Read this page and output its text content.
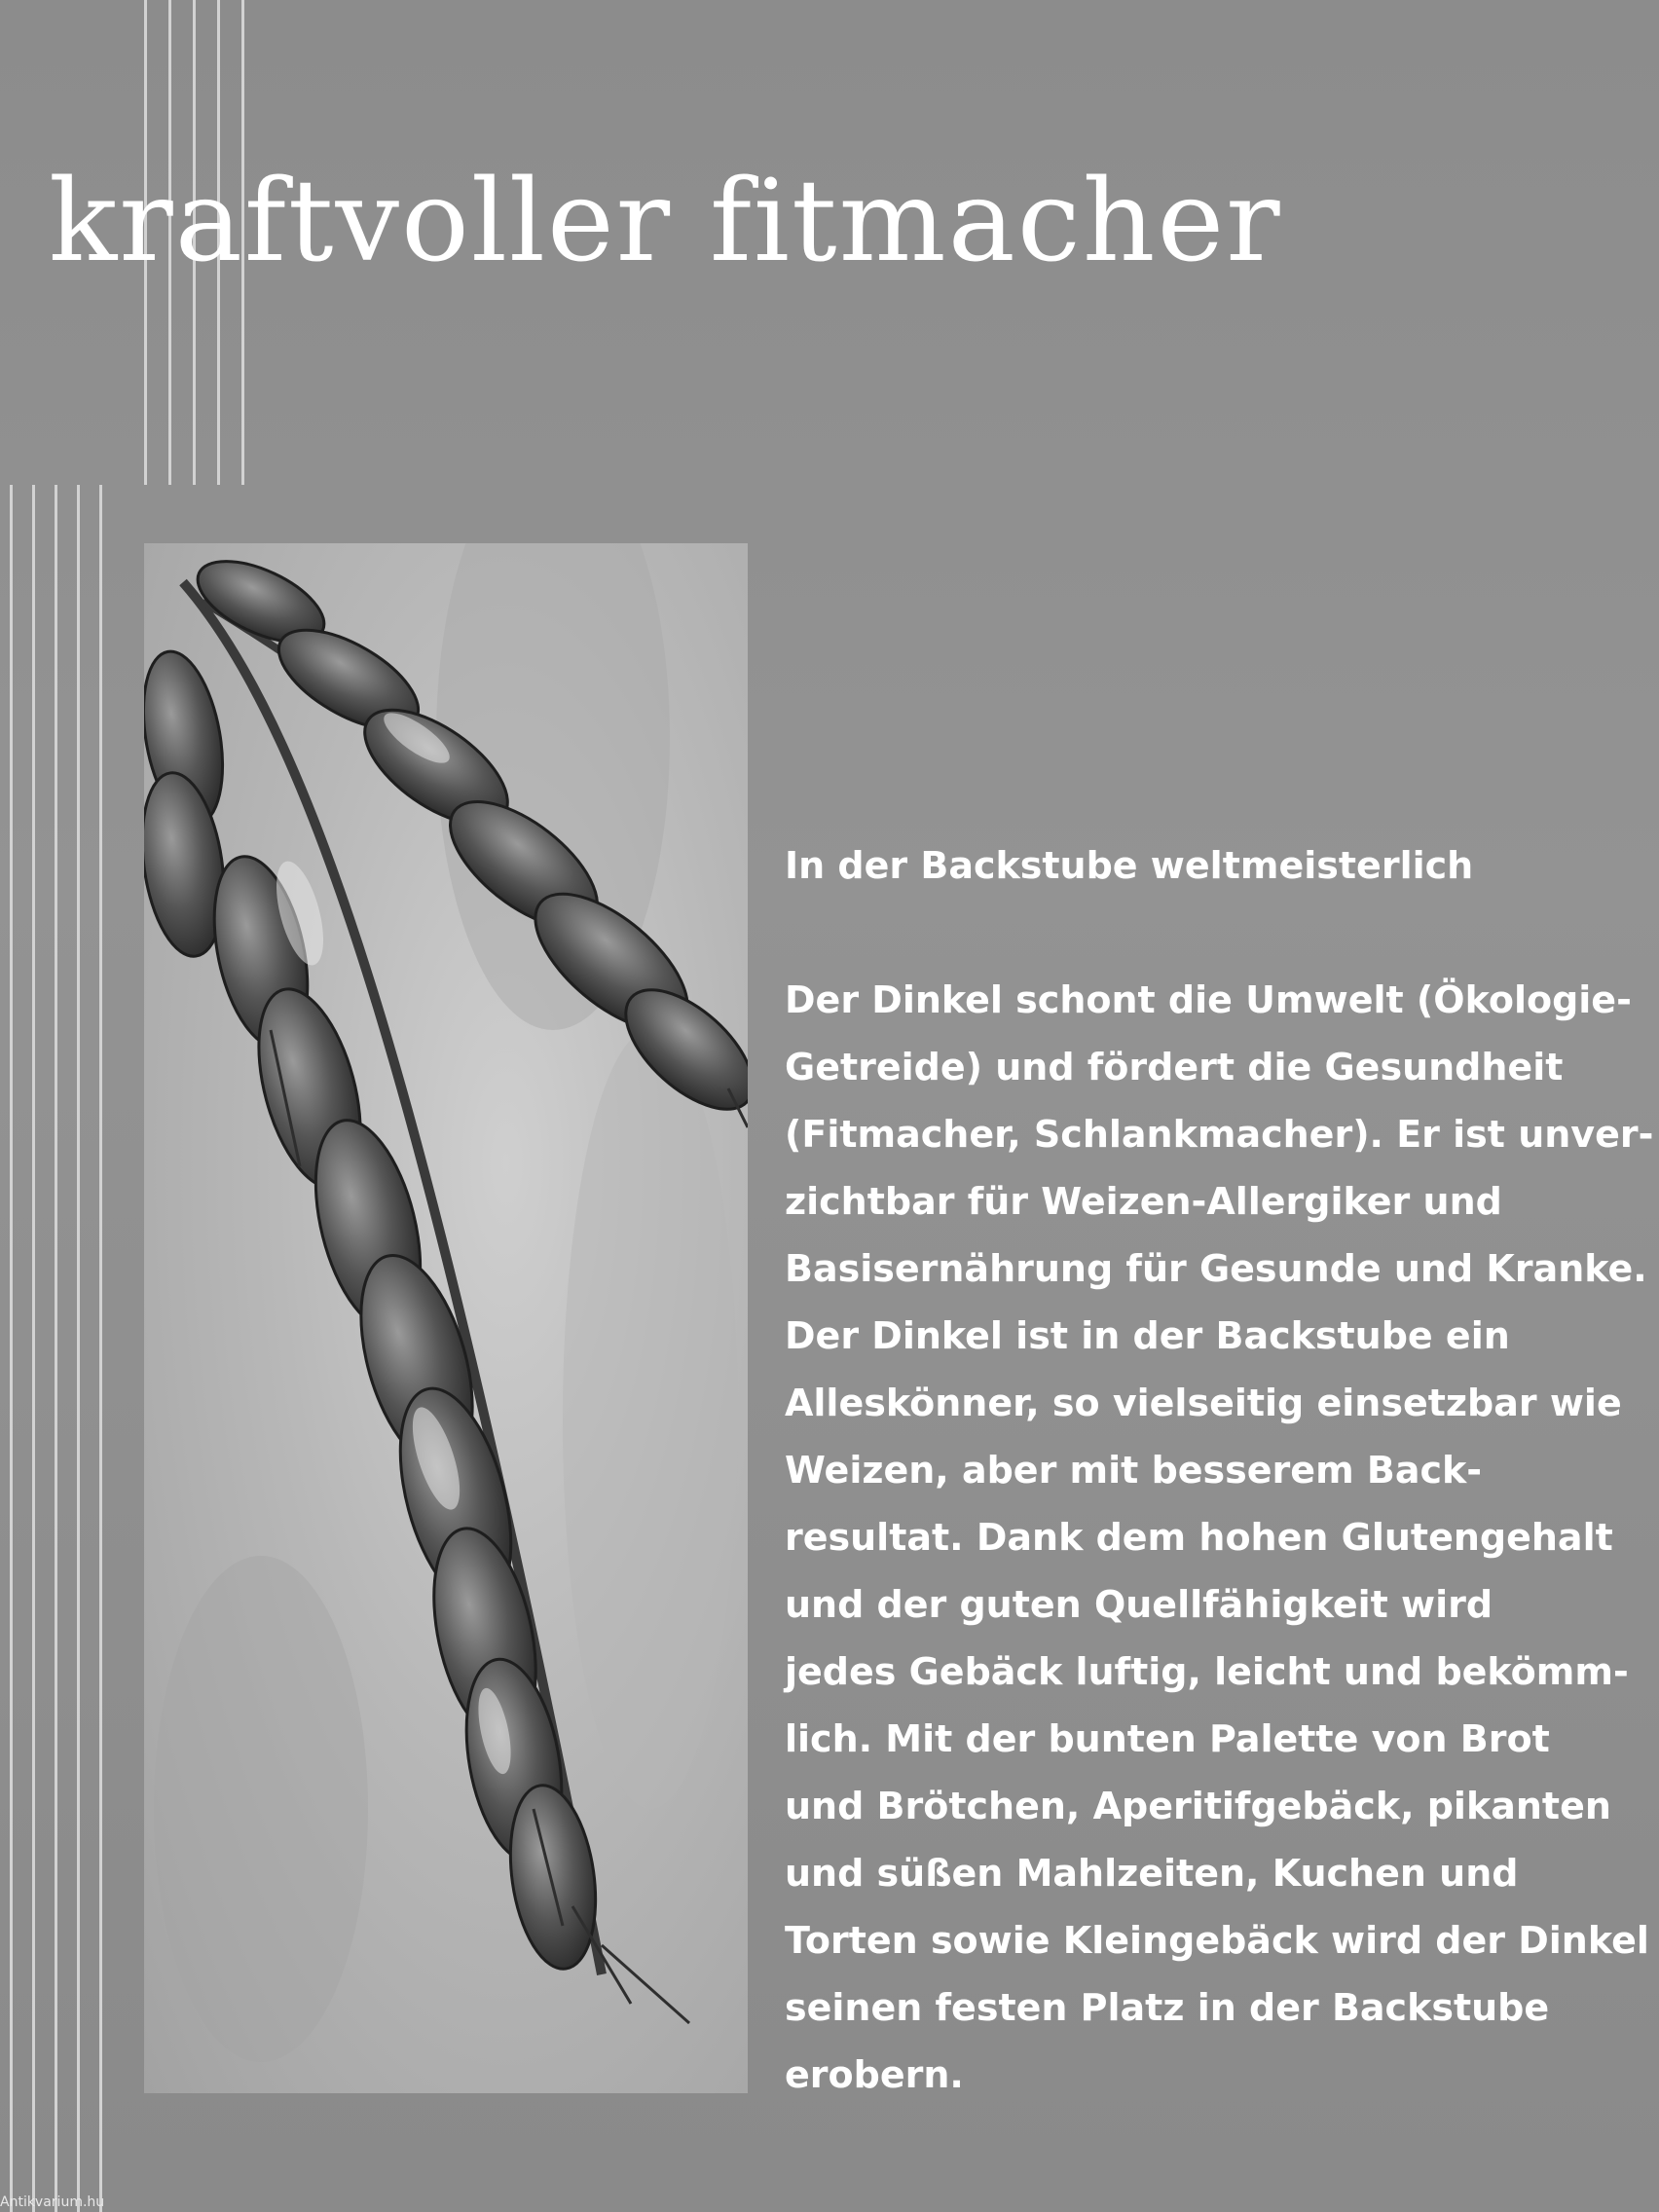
kraftvoller fitmacher

In der Backstube weltmeisterlich

Der Dinkel schont die Umwelt (Ökologie-

Getreide) und fördert die Gesundheit

(Fitmacher, Schlankmacher). Er ist unver-

zichtbar für Weizen-Allergiker und

Basisernährung für Gesunde und Kranke.

Der Dinkel ist in der Backstube ein

Alleskönner, so vielseitig einsetzbar wie

Weizen, aber mit besserem Back-

resultat. Dank dem hohen Glutengehalt

und der guten Quellfähigkeit wird

jedes Gebäck luftig, leicht und bekömm-

lich. Mit der bunten Palette von Brot

und Brötchen, Aperitifgebäck, pikanten

und süßen Mahlzeiten, Kuchen und

Torten sowie Kleingebäck wird der Dinkel

seinen festen Platz in der Backstube

erobern.

Antikvarium.hu
